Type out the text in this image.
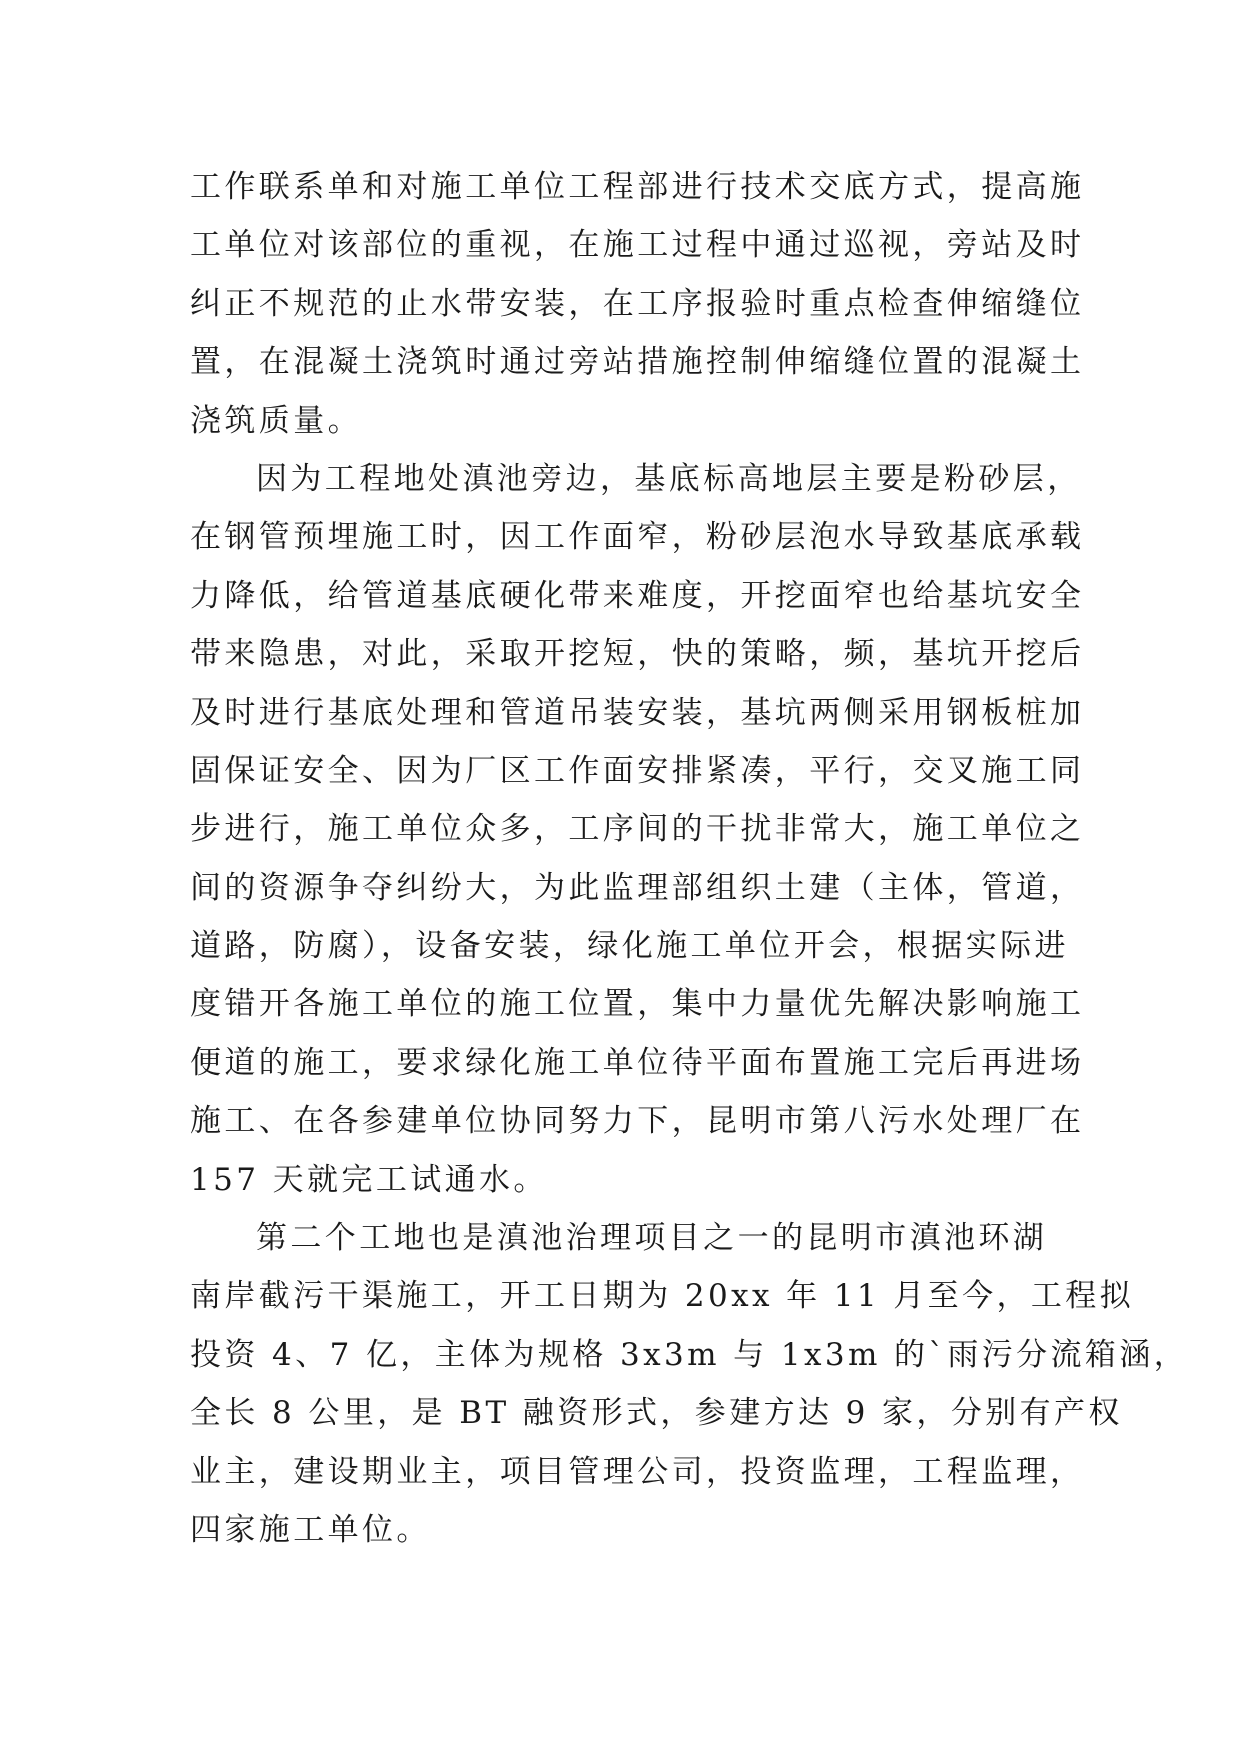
工作联系单和对施工单位工程部进行技术交底方式，提高施
工单位对该部位的重视，在施工过程中通过巡视，旁站及时
纠正不规范的止水带安装，在工序报验时重点检查伸缩缝位
置，在混凝土浇筑时通过旁站措施控制伸缩缝位置的混凝土
浇筑质量。
因为工程地处滇池旁边，基底标高地层主要是粉砂层，
在钢管预埋施工时，因工作面窄，粉砂层泡水导致基底承载
力降低，给管道基底硬化带来难度，开挖面窄也给基坑安全
带来隐患，对此，采取开挖短，快的策略，频，基坑开挖后
及时进行基底处理和管道吊装安装，基坑两侧采用钢板桩加
固保证安全、因为厂区工作面安排紧凑，平行，交叉施工同
步进行，施工单位众多，工序间的干扰非常大，施工单位之
间的资源争夺纠纷大，为此监理部组织土建（主体，管道，
道路，防腐），设备安装，绿化施工单位开会，根据实际进
度错开各施工单位的施工位置，集中力量优先解决影响施工
便道的施工，要求绿化施工单位待平面布置施工完后再进场
施工、在各参建单位协同努力下，昆明市第八污水处理厂在
157 天就完工试通水。
第二个工地也是滇池治理项目之一的昆明市滇池环湖
南岸截污干渠施工，开工日期为 20xx 年 11 月至今，工程拟
投资 4、7 亿，主体为规格 3x3m 与 1x3m 的`雨污分流箱涵，
全长 8 公里，是 BT 融资形式，参建方达 9 家，分别有产权
业主，建设期业主，项目管理公司，投资监理，工程监理，
四家施工单位。
